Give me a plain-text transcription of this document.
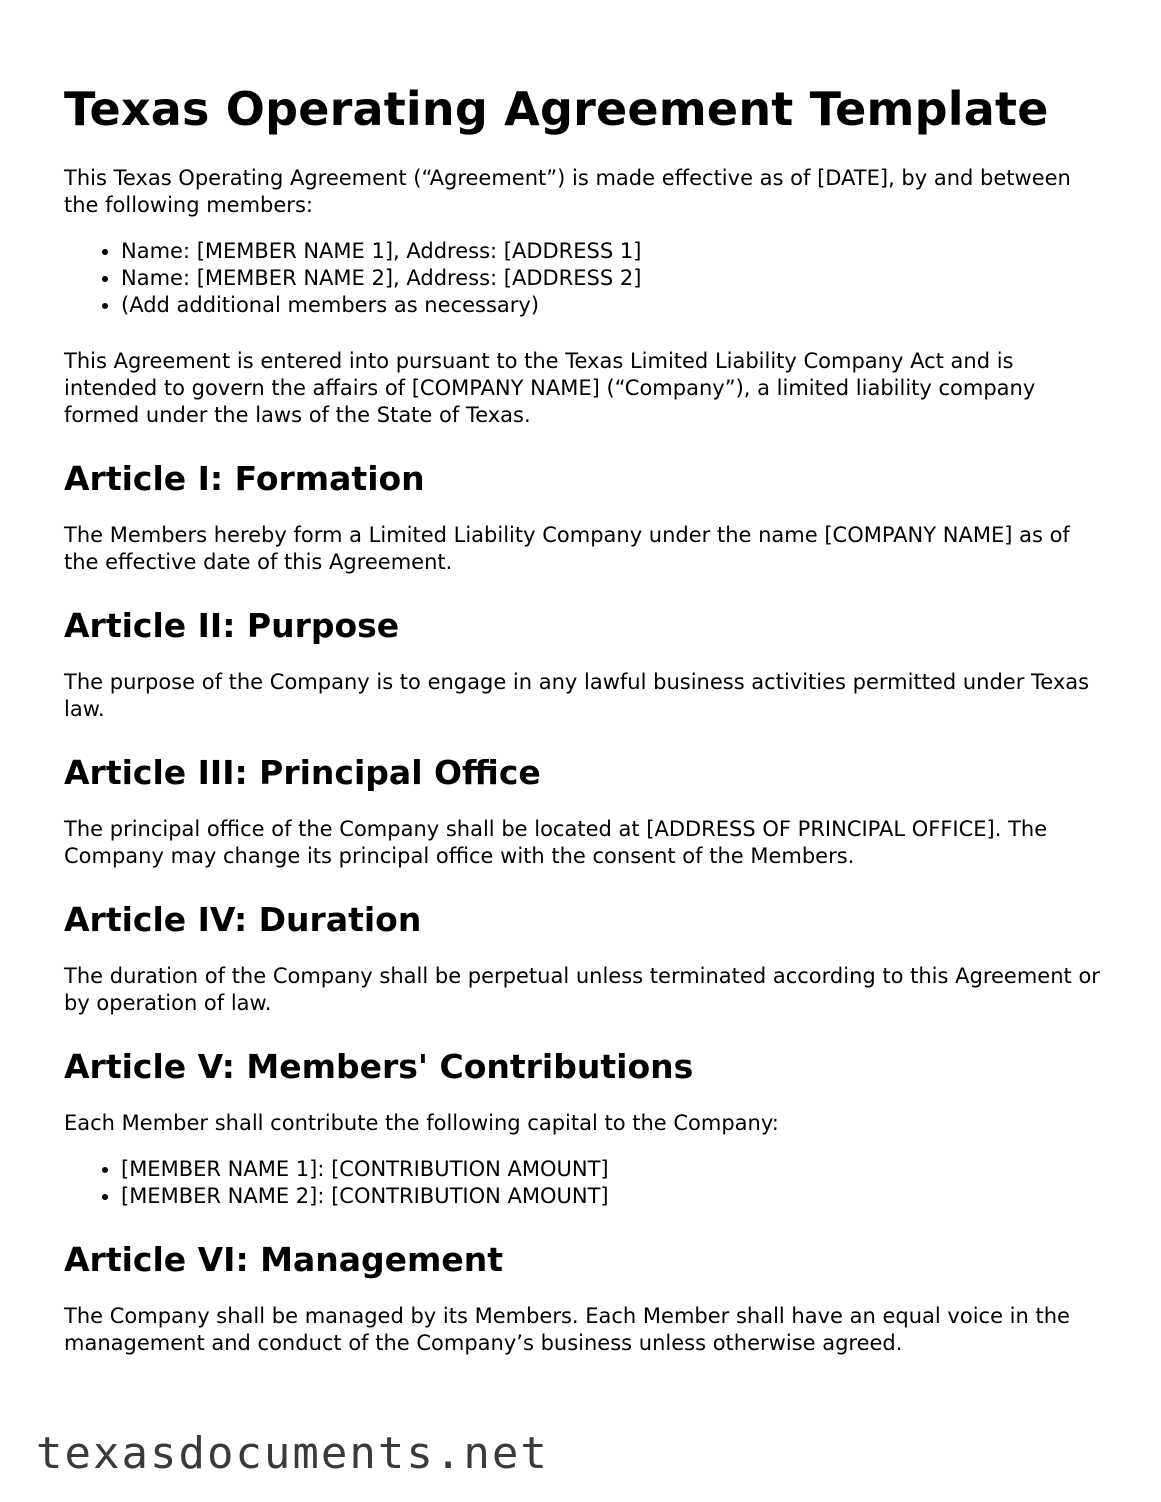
Texas Operating Agreement Template

This Texas Operating Agreement (“Agreement”) is made effective as of [DATE], by and between the following members:

• Name: [MEMBER NAME 1], Address: [ADDRESS 1]
• Name: [MEMBER NAME 2], Address: [ADDRESS 2]
• (Add additional members as necessary)

This Agreement is entered into pursuant to the Texas Limited Liability Company Act and is intended to govern the affairs of [COMPANY NAME] (“Company”), a limited liability company formed under the laws of the State of Texas.

Article I: Formation

The Members hereby form a Limited Liability Company under the name [COMPANY NAME] as of the effective date of this Agreement.

Article II: Purpose

The purpose of the Company is to engage in any lawful business activities permitted under Texas law.

Article III: Principal Office

The principal office of the Company shall be located at [ADDRESS OF PRINCIPAL OFFICE]. The Company may change its principal office with the consent of the Members.

Article IV: Duration

The duration of the Company shall be perpetual unless terminated according to this Agreement or by operation of law.

Article V: Members' Contributions

Each Member shall contribute the following capital to the Company:

• [MEMBER NAME 1]: [CONTRIBUTION AMOUNT]
• [MEMBER NAME 2]: [CONTRIBUTION AMOUNT]
Article VI: Management

The Company shall be managed by its Members. Each Member shall have an equal voice in the management and conduct of the Company’s business unless otherwise agreed.

texasdocuments.net
